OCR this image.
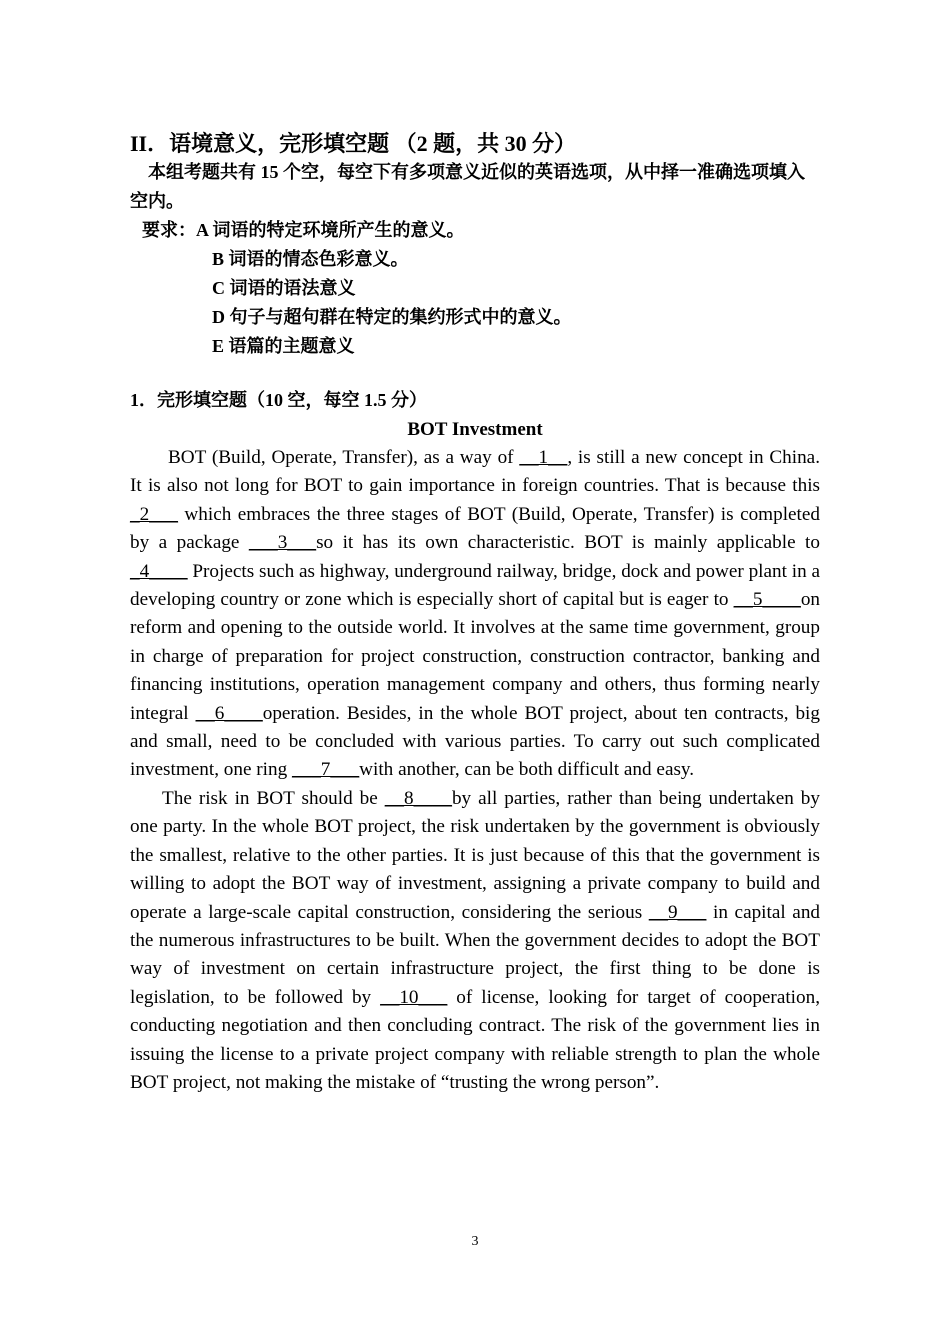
II．语境意义，完形填空题 （2 题，共 30 分）
本组考题共有 15 个空，每空下有多项意义近似的英语选项，从中择一准确选项填入空内。
要求：A 词语的特定环境所产生的意义。
B 词语的情态色彩意义。
C 词语的语法意义
D 句子与超句群在特定的集约形式中的意义。
E 语篇的主题意义
1．完形填空题（10 空，每空 1.5 分）
BOT Investment

BOT (Build, Operate, Transfer), as a way of __1__, is still a new concept in China. It is also not long for BOT to gain importance in foreign countries. That is because this _2___ which embraces the three stages of BOT (Build, Operate, Transfer) is completed by a package ___3___so it has its own characteristic. BOT is mainly applicable to _4____ Projects such as highway, underground railway, bridge, dock and power plant in a developing country or zone which is especially short of capital but is eager to __5____on reform and opening to the outside world. It involves at the same time government, group in charge of preparation for project construction, construction contractor, banking and financing institutions, operation management company and others, thus forming nearly integral __6____operation. Besides, in the whole BOT project, about ten contracts, big and small, need to be concluded with various parties. To carry out such complicated investment, one ring ___7___with another, can be both difficult and easy.

The risk in BOT should be __8____by all parties, rather than being undertaken by one party. In the whole BOT project, the risk undertaken by the government is obviously the smallest, relative to the other parties. It is just because of this that the government is willing to adopt the BOT way of investment, assigning a private company to build and operate a large-scale capital construction, considering the serious __9___ in capital and the numerous infrastructures to be built. When the government decides to adopt the BOT way of investment on certain infrastructure project, the first thing to be done is legislation, to be followed by __10___ of license, looking for target of cooperation, conducting negotiation and then concluding contract. The risk of the government lies in issuing the license to a private project company with reliable strength to plan the whole BOT project, not making the mistake of “trusting the wrong person”.

3
